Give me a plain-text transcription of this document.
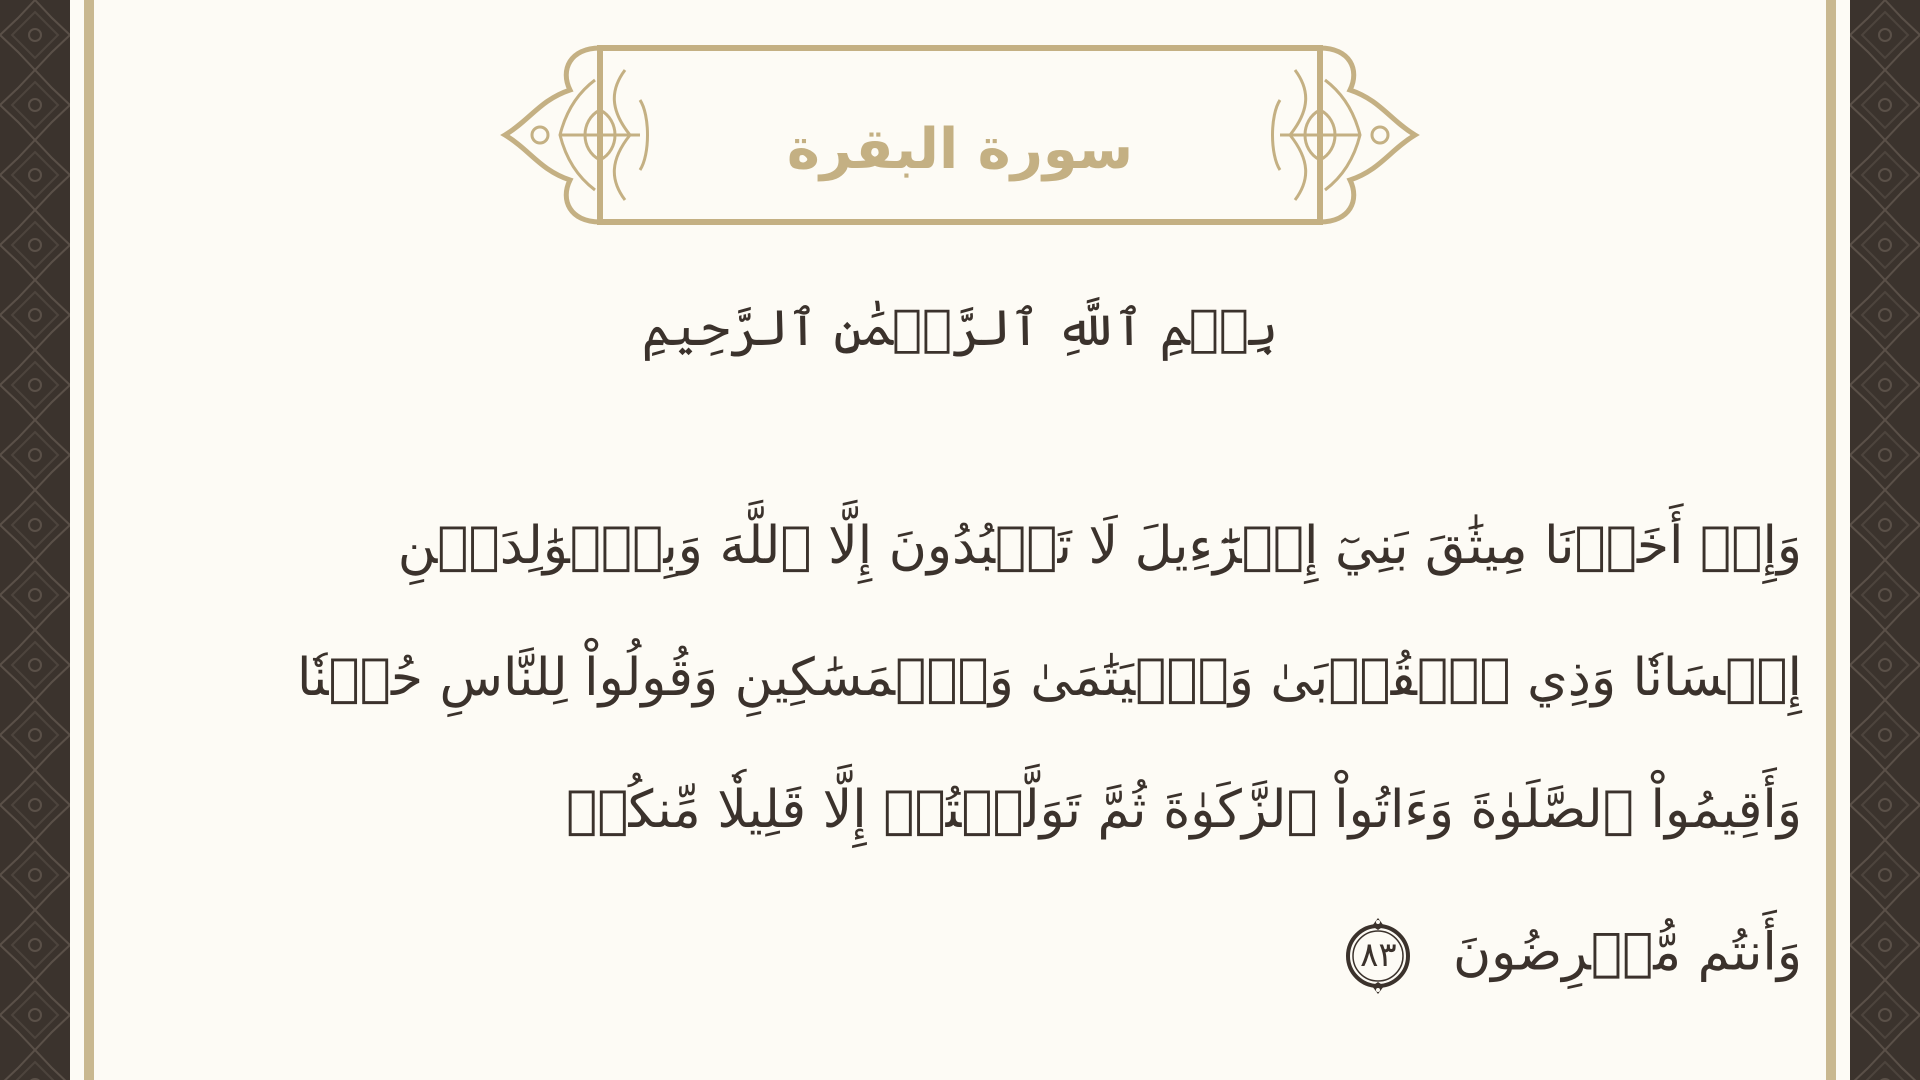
سورة البقرة
بِسۡمِ ٱللَّهِ ٱلرَّحۡمَٰنِ ٱلرَّحِيمِ
وَإِذۡ أَخَذۡنَا مِيثَٰقَ بَنِيٓ إِسۡرَٰٓءِيلَ لَا تَعۡبُدُونَ إِلَّا ٱللَّهَ وَبِٱلۡوَٰلِدَيۡنِ
إِحۡسَانٗا وَذِي ٱلۡقُرۡبَىٰ وَٱلۡيَتَٰمَىٰ وَٱلۡمَسَٰكِينِ وَقُولُواْ لِلنَّاسِ حُسۡنٗا
وَأَقِيمُواْ ٱلصَّلَوٰةَ وَءَاتُواْ ٱلزَّكَوٰةَ ثُمَّ تَوَلَّيۡتُمۡ إِلَّا قَلِيلٗا مِّنكُمۡ
وَأَنتُم مُّعۡرِضُونَ
٨٣
